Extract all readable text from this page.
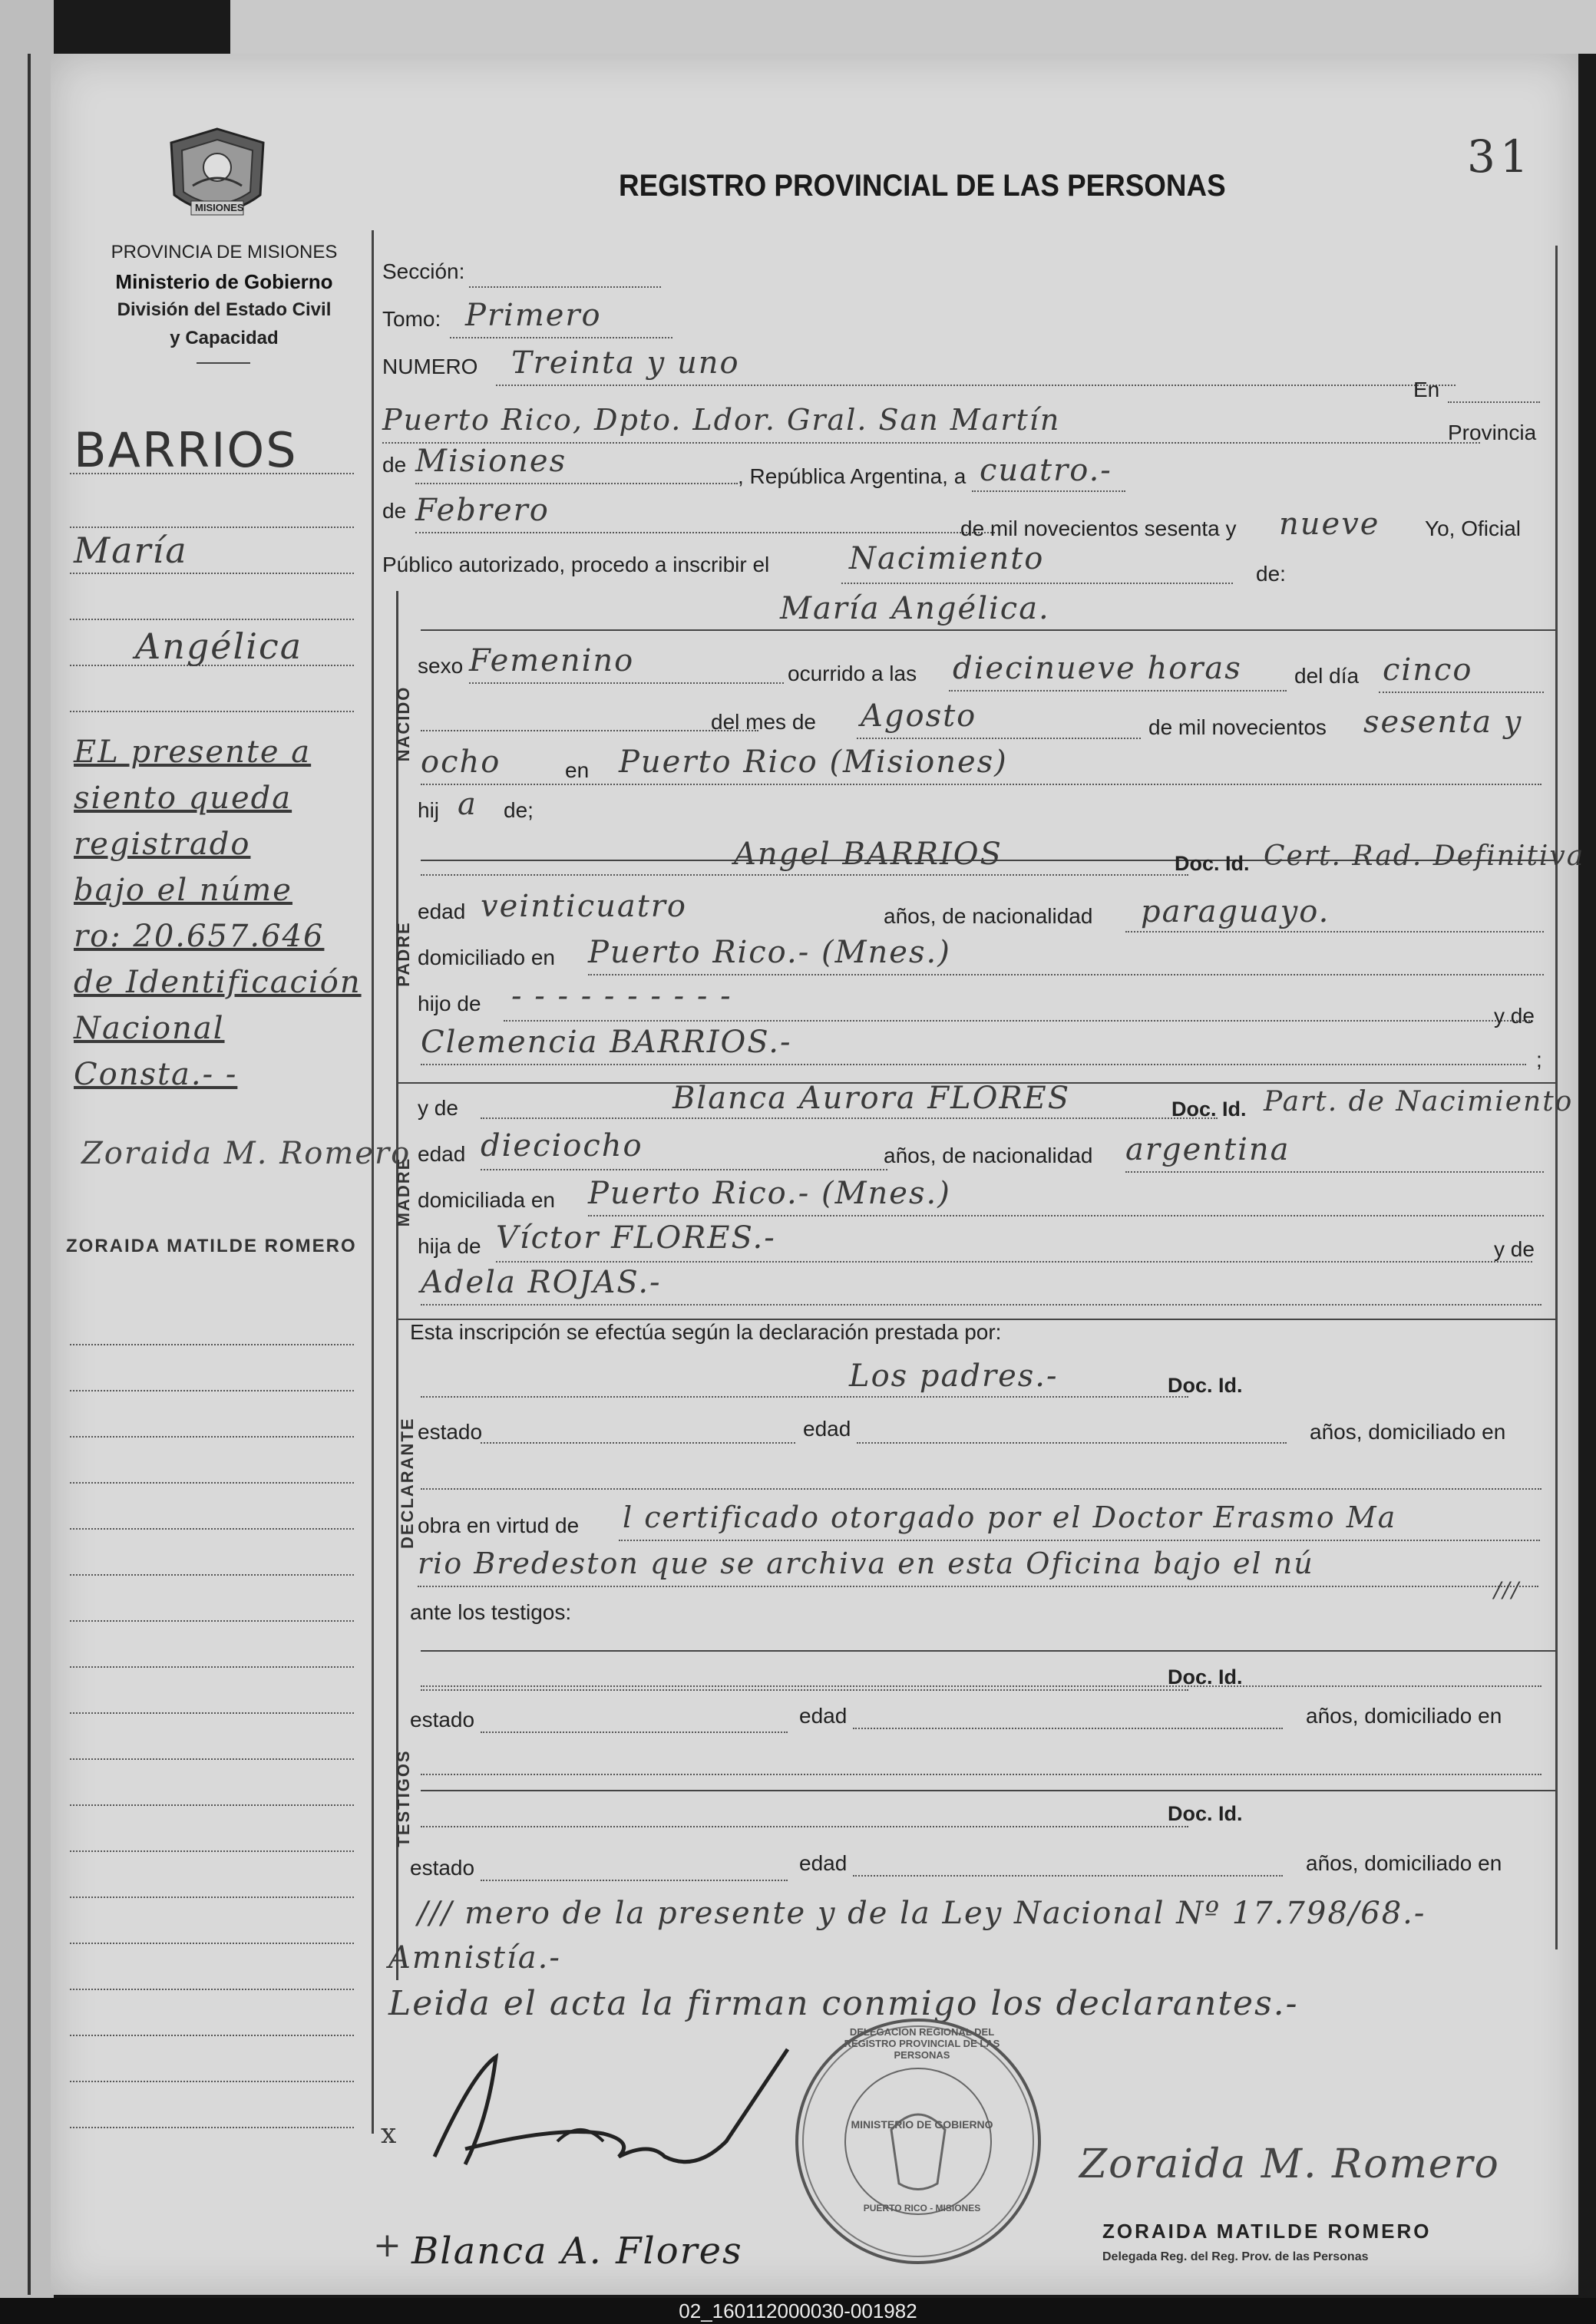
31
MISIONES
PROVINCIA DE MISIONES
Ministerio de Gobierno
División del Estado Civil
y Capacidad
REGISTRO PROVINCIAL DE LAS PERSONAS
BARRIOS
María
Angélica
EL presente a
siento queda
registrado
bajo el núme
ro: 20.657.646
de Identificación
Nacional
Consta.- -
Zoraida M. Romero
ZORAIDA MATILDE ROMERO
Sección:
Tomo: Primero
NUMERO Treinta y uno
En
Puerto Rico, Dpto. Ldor. Gral. San Martín	Provincia
de Misiones	, República Argentina, a cuatro.-
de Febrero
de mil novecientos sesenta y nueve Yo, Oficial
Público autorizado, procedo a inscribir el	Nacimiento	de:
NACIDO
María Angélica.
sexo Femenino	ocurrido a las diecinueve horas del día cinco
del mes de Agosto	de mil novecientos sesenta y
ocho	en Puerto Rico (Misiones)
hij a de;
PADRE
Angel BARRIOS	Doc. Id. Cert. Rad. Definitiva
edad veinticuatro	años, de nacionalidad paraguayo.
domiciliado en Puerto Rico.- (Mnes.)
hijo de - - - - - - - - - -
y de
Clemencia BARRIOS.-	;
MADRE
y de	Blanca Aurora FLORES	Doc. Id. Part. de Nacimiento
edad dieciocho	años, de nacionalidad argentina
domiciliada en Puerto Rico.- (Mnes.)
hija de Víctor FLORES.-	y de
Adela ROJAS.-
Esta inscripción se efectúa según la declaración prestada por:
DECLARANTE
Los padres.-	Doc. Id.
estado	edad	años, domiciliado en
obra en virtud de l certificado otorgado por el Doctor Erasmo Ma
rio Bredeston que se archiva en esta Oficina bajo el nú
///
ante los testigos:
TESTIGOS
Doc. Id.
estado	edad	años, domiciliado en
Doc. Id.
estado	edad	años, domiciliado en
/// mero de la presente y de la Ley Nacional Nº 17.798/68.-
Amnistía.-
Leida el acta la firman conmigo los declarantes.-
DELEGACION REGIONAL DEL REGISTRO PROVINCIAL DE LAS PERSONAS
MINISTERIO DE GOBIERNO
PUERTO RICO - MISIONES
x
+ Blanca A. Flores
Zoraida M. Romero
ZORAIDA MATILDE ROMERO
Delegada Reg. del Reg. Prov. de las Personas
02_160112000030-001982
